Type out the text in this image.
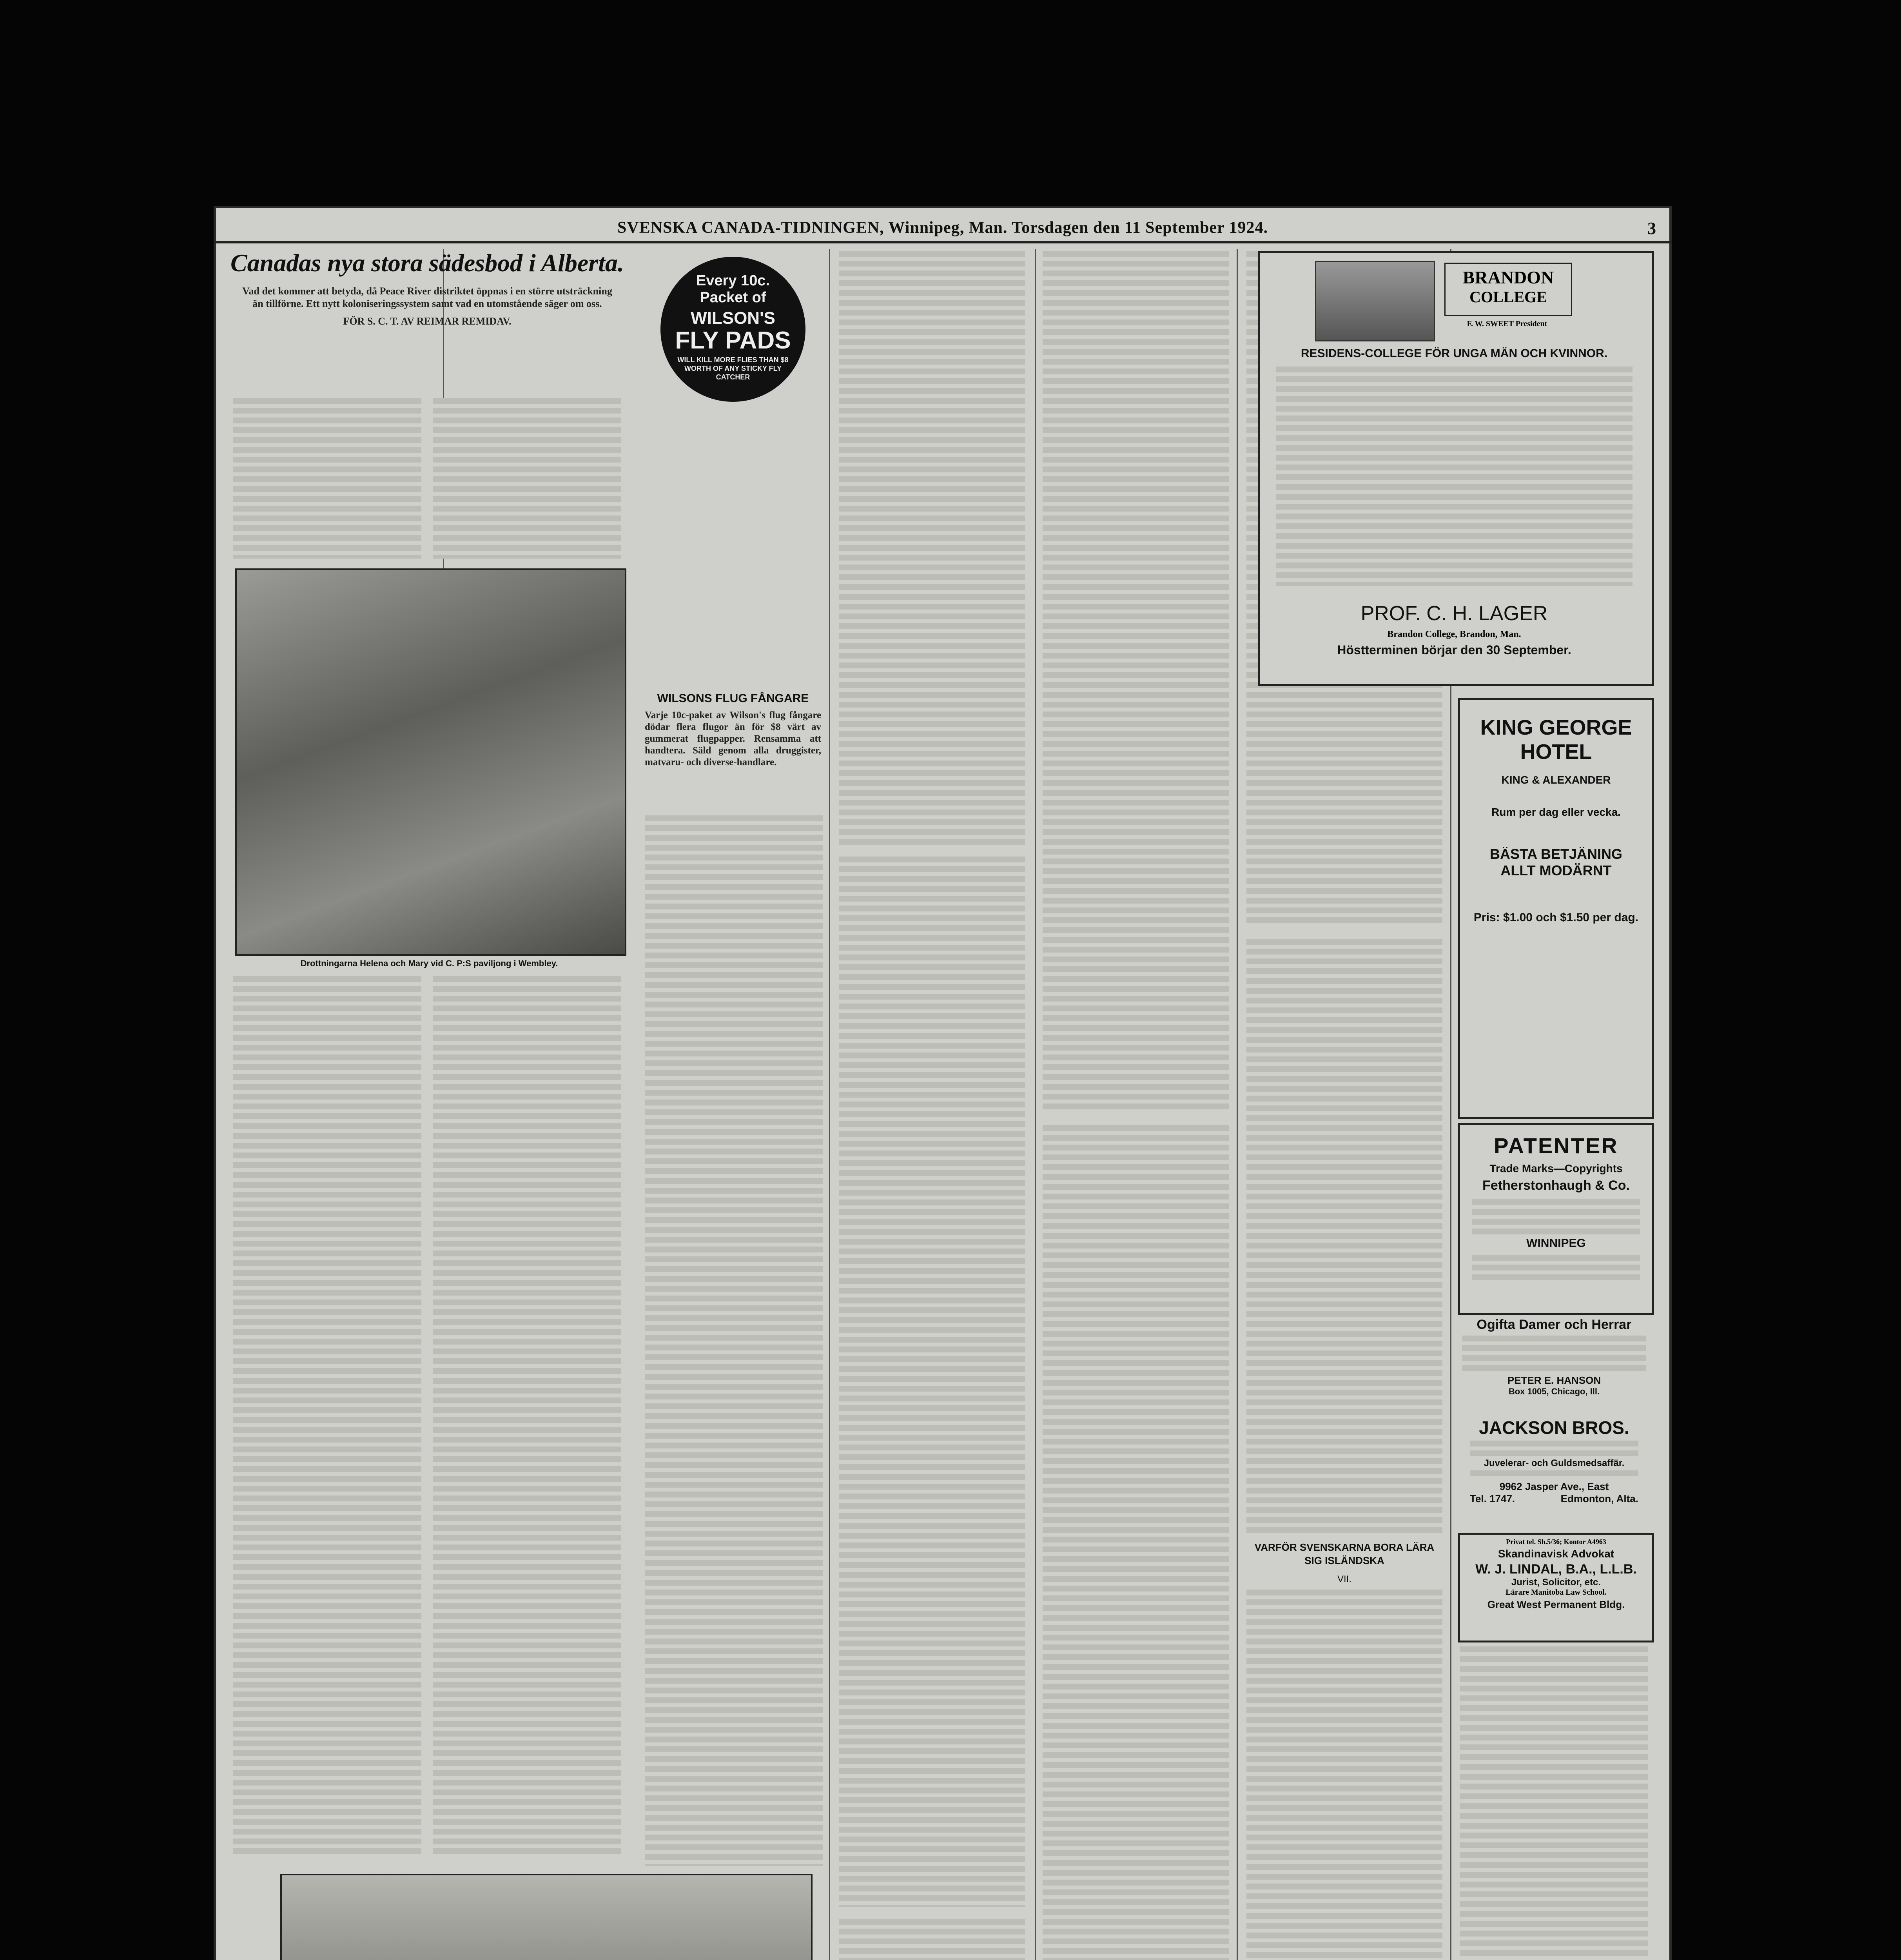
SVENSKA CANADA-TIDNINGEN, Winnipeg, Man. Torsdagen den 11 September 1924.	3
Canadas nya stora sädesbod i Alberta.
Vad det kommer att betyda, då Peace River distriktet öppnas i en större utsträckning än tillförne. Ett nytt koloniseringssystem samt vad en utomstående säger om oss.
FÖR S. C. T. AV REIMAR REMIDAV.
Drottningarna Helena och Mary vid C. P:S paviljong i Wembley.
Every 10c.
Packet of
WILSON'S
FLY PADS
WILL KILL MORE FLIES THAN $8 WORTH OF ANY STICKY FLY CATCHER
WILSONS FLUG FÅNGARE
Varje 10c-paket av Wilson's flug fångare dödar flera flugor än för $8 värt av gummerat flugpapper. Rensamma att handtera. Säld genom alla druggister, matvaru- och diverse-handlare.
VARFÖR SVENSKARNA BORA LÄRA SIG ISLÄNDSKA
VII.
BRANDON
COLLEGE
F. W. SWEET President
RESIDENS-COLLEGE FÖR UNGA MÄN OCH KVINNOR.
PROF. C. H. LAGER
Brandon College, Brandon, Man.
Höstterminen börjar den 30 September.
KING GEORGE
HOTEL
KING & ALEXANDER
Rum per dag eller vecka.
BÄSTA BETJÄNING
ALLT MODÄRNT
Pris: $1.00 och $1.50 per dag.
PATENTER
Trade Marks—Copyrights
Fetherstonhaugh & Co.
WINNIPEG
Ogifta Damer och Herrar
PETER E. HANSON
Box 1005, Chicago, Ill.
JACKSON BROS.
Juvelerar- och Guldsmedsaffär.
9962 Jasper Ave., East
Tel. 1747.	Edmonton, Alta.
Privat tel. Sh.5/36; Kontor A4963
Skandinavisk Advokat
W. J. LINDAL, B.A., L.L.B.
Jurist, Solicitor, etc.
Lärare Manitoba Law School.
Great West Permanent Bldg.
